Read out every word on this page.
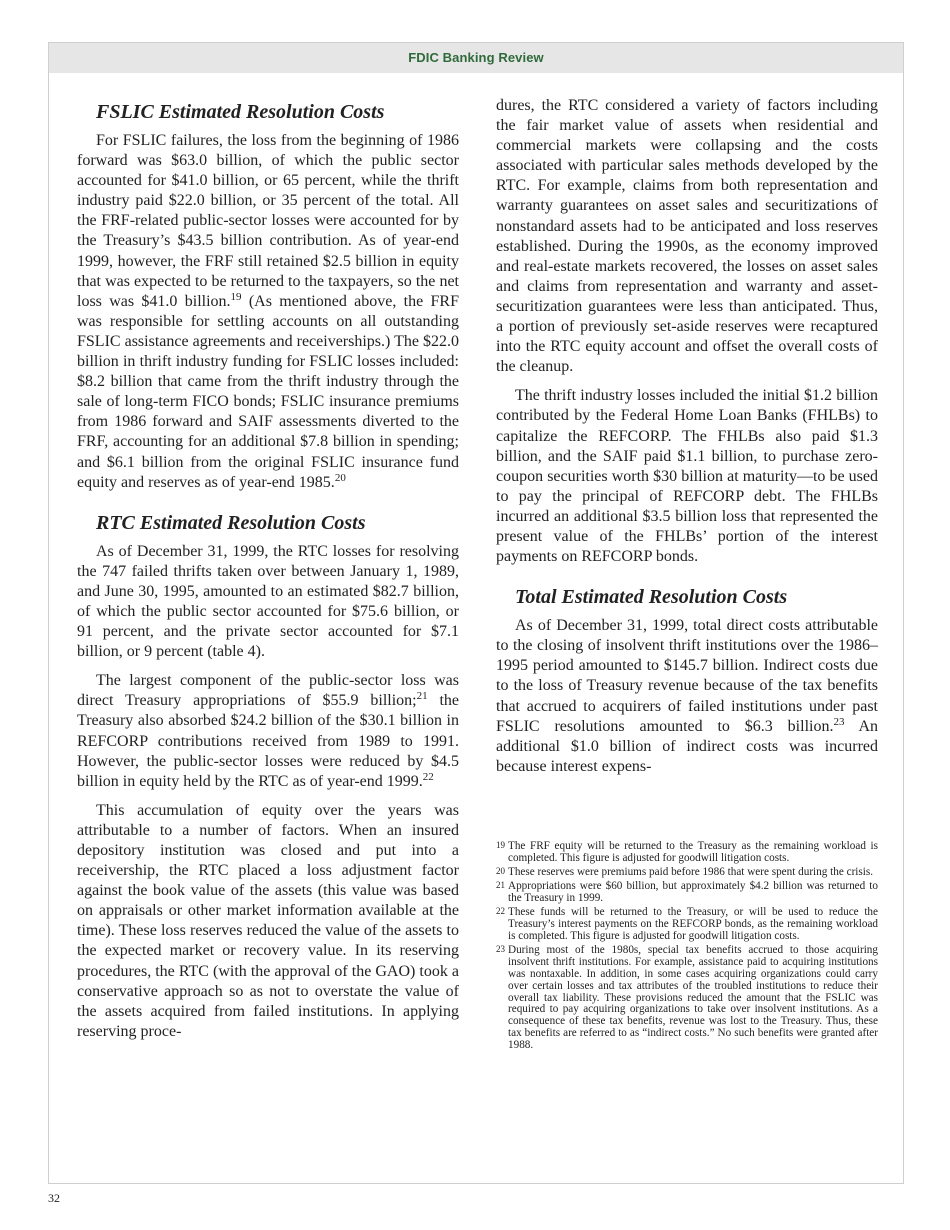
FDIC Banking Review
FSLIC Estimated Resolution Costs

For FSLIC failures, the loss from the beginning of 1986 forward was $63.0 billion, of which the public sector accounted for $41.0 billion, or 65 percent, while the thrift industry paid $22.0 billion, or 35 percent of the total. All the FRF-related public-sector losses were accounted for by the Treasury’s $43.5 billion contribution. As of year-end 1999, however, the FRF still retained $2.5 billion in equity that was expected to be returned to the taxpayers, so the net loss was $41.0 billion.$^{19}$ (As mentioned above, the FRF was responsible for settling accounts on all outstanding FSLIC assistance agreements and receiverships.) The $22.0 billion in thrift industry funding for FSLIC losses included: $8.2 billion that came from the thrift industry through the sale of long-term FICO bonds; FSLIC insurance premiums from 1986 forward and SAIF assessments diverted to the FRF, accounting for an additional $7.8 billion in spending; and $6.1 billion from the original FSLIC insurance fund equity and reserves as of year-end 1985.20

RTC Estimated Resolution Costs

As of December 31, 1999, the RTC losses for resolving the 747 failed thrifts taken over between January 1, 1989, and June 30, 1995, amounted to an estimated $82.7 billion, of which the public sector accounted for $75.6 billion, or 91 percent, and the private sector accounted for $7.1 billion, or 9 percent (table 4).

The largest component of the public-sector loss was direct Treasury appropriations of $55.9 billion;$^{21}$ the Treasury also absorbed $24.2 billion of the $30.1 billion in REFCORP contributions received from 1989 to 1991. However, the public-sector losses were reduced by $4.5 billion in equity held by the RTC as of year-end 1999.22

This accumulation of equity over the years was attributable to a number of factors. When an insured depository institution was closed and put into a receivership, the RTC placed a loss adjustment factor against the book value of the assets (this value was based on appraisals or other market information available at the time). These loss reserves reduced the value of the assets to the expected market or recovery value. In its reserving procedures, the RTC (with the approval of the GAO) took a conservative approach so as not to overstate the value of the assets acquired from failed institutions. In applying reserving proce-

dures, the RTC considered a variety of factors including the fair market value of assets when residential and commercial markets were collapsing and the costs associated with particular sales methods developed by the RTC. For example, claims from both representation and warranty guarantees on asset sales and securitizations of nonstandard assets had to be anticipated and loss reserves established. During the 1990s, as the economy improved and real-estate markets recovered, the losses on asset sales and claims from representation and warranty and asset-securitization guarantees were less than anticipated. Thus, a portion of previously set-aside reserves were recaptured into the RTC equity account and offset the overall costs of the cleanup.

The thrift industry losses included the initial $1.2 billion contributed by the Federal Home Loan Banks (FHLBs) to capitalize the REFCORP. The FHLBs also paid $1.3 billion, and the SAIF paid $1.1 billion, to purchase zero-coupon securities worth $30 billion at maturity—to be used to pay the principal of REFCORP debt. The FHLBs incurred an additional $3.5 billion loss that represented the present value of the FHLBs’ portion of the interest payments on REFCORP bonds.

Total Estimated Resolution Costs

As of December 31, 1999, total direct costs attributable to the closing of insolvent thrift institutions over the 1986–1995 period amounted to $145.7 billion. Indirect costs due to the loss of Treasury revenue because of the tax benefits that accrued to acquirers of failed institutions under past FSLIC resolutions amounted to $6.3 billion.$^{23}$ An additional $1.0 billion of indirect costs was incurred because interest expens-

19 The FRF equity will be returned to the Treasury as the remaining workload is completed. This figure is adjusted for goodwill litigation costs.
20 These reserves were premiums paid before 1986 that were spent during the crisis.
21 Appropriations were $60 billion, but approximately $4.2 billion was returned to the Treasury in 1999.
22 These funds will be returned to the Treasury, or will be used to reduce the Treasury’s interest payments on the REFCORP bonds, as the remaining workload is completed. This figure is adjusted for goodwill litigation costs.
23 During most of the 1980s, special tax benefits accrued to those acquiring insolvent thrift institutions. For example, assistance paid to acquiring institutions was nontaxable. In addition, in some cases acquiring organizations could carry over certain losses and tax attributes of the troubled institutions to reduce their overall tax liability. These provisions reduced the amount that the FSLIC was required to pay acquiring organizations to take over insolvent institutions. As a consequence of these tax benefits, revenue was lost to the Treasury. Thus, these tax benefits are referred to as “indirect costs.” No such benefits were granted after 1988.
32
